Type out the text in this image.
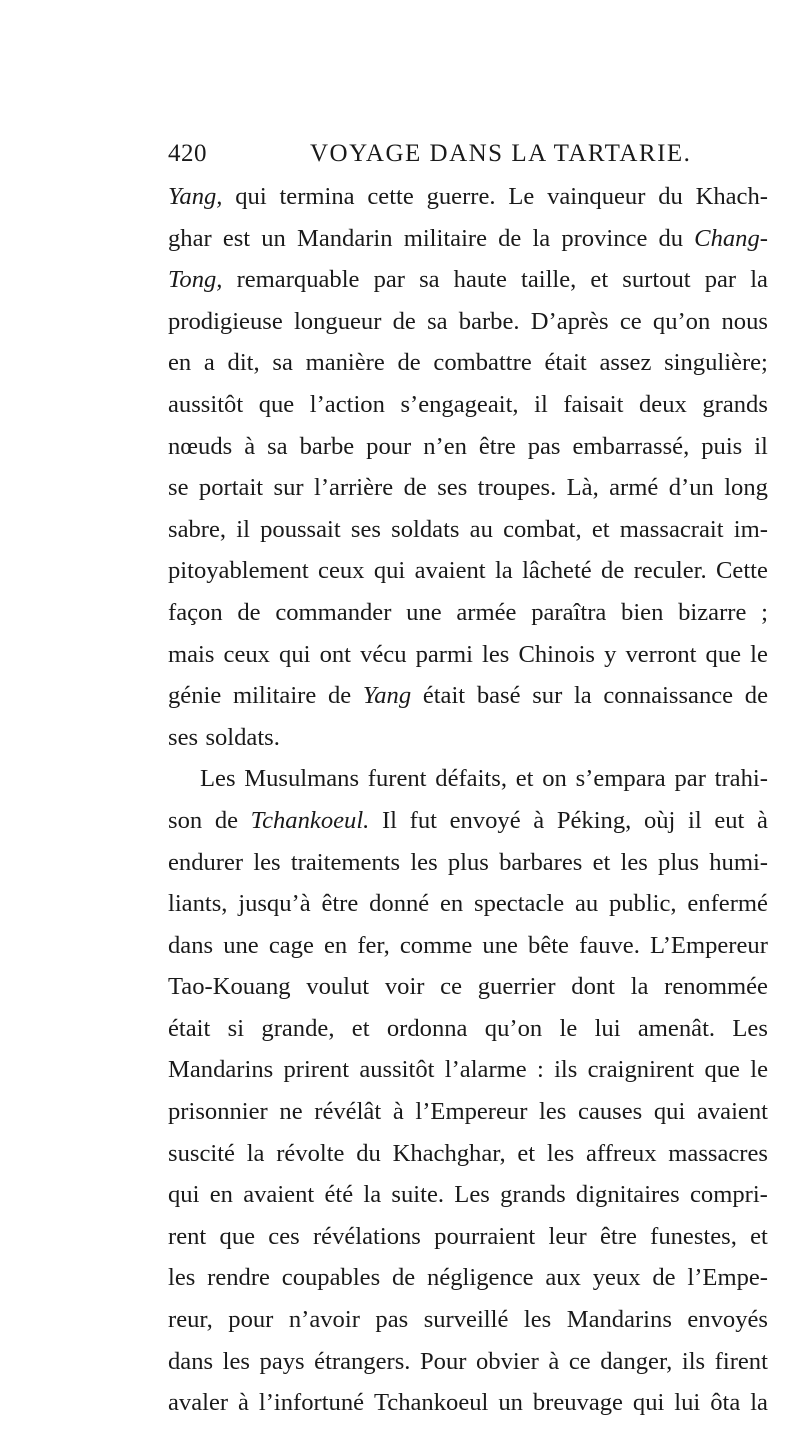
420	VOYAGE DANS LA TARTARIE.
Yang, qui termina cette guerre. Le vainqueur du Khach-
ghar est un Mandarin militaire de la province du Chang-
Tong, remarquable par sa haute taille, et surtout par la
prodigieuse longueur de sa barbe. D’après ce qu’on nous
en a dit, sa manière de combattre était assez singulière;
aussitôt que l’action s’engageait, il faisait deux grands
nœuds à sa barbe pour n’en être pas embarrassé, puis il
se portait sur l’arrière de ses troupes. Là, armé d’un long
sabre, il poussait ses soldats au combat, et massacrait im-
pitoyablement ceux qui avaient la lâcheté de reculer. Cette
façon de commander une armée paraîtra bien bizarre ;
mais ceux qui ont vécu parmi les Chinois y verront que le
génie militaire de Yang était basé sur la connaissance de
ses soldats.
Les Musulmans furent défaits, et on s’empara par trahi-
son de Tchankoeul. Il fut envoyé à Péking, oùj il eut à
endurer les traitements les plus barbares et les plus humi-
liants, jusqu’à être donné en spectacle au public, enfermé
dans une cage en fer, comme une bête fauve. L’Empereur
Tao-Kouang voulut voir ce guerrier dont la renommée
était si grande, et ordonna qu’on le lui amenât. Les
Mandarins prirent aussitôt l’alarme : ils craignirent que le
prisonnier ne révélât à l’Empereur les causes qui avaient
suscité la révolte du Khachghar, et les affreux massacres
qui en avaient été la suite. Les grands dignitaires compri-
rent que ces révélations pourraient leur être funestes, et
les rendre coupables de négligence aux yeux de l’Empe-
reur, pour n’avoir pas surveillé les Mandarins envoyés
dans les pays étrangers. Pour obvier à ce danger, ils firent
avaler à l’infortuné Tchankoeul un breuvage qui lui ôta la
